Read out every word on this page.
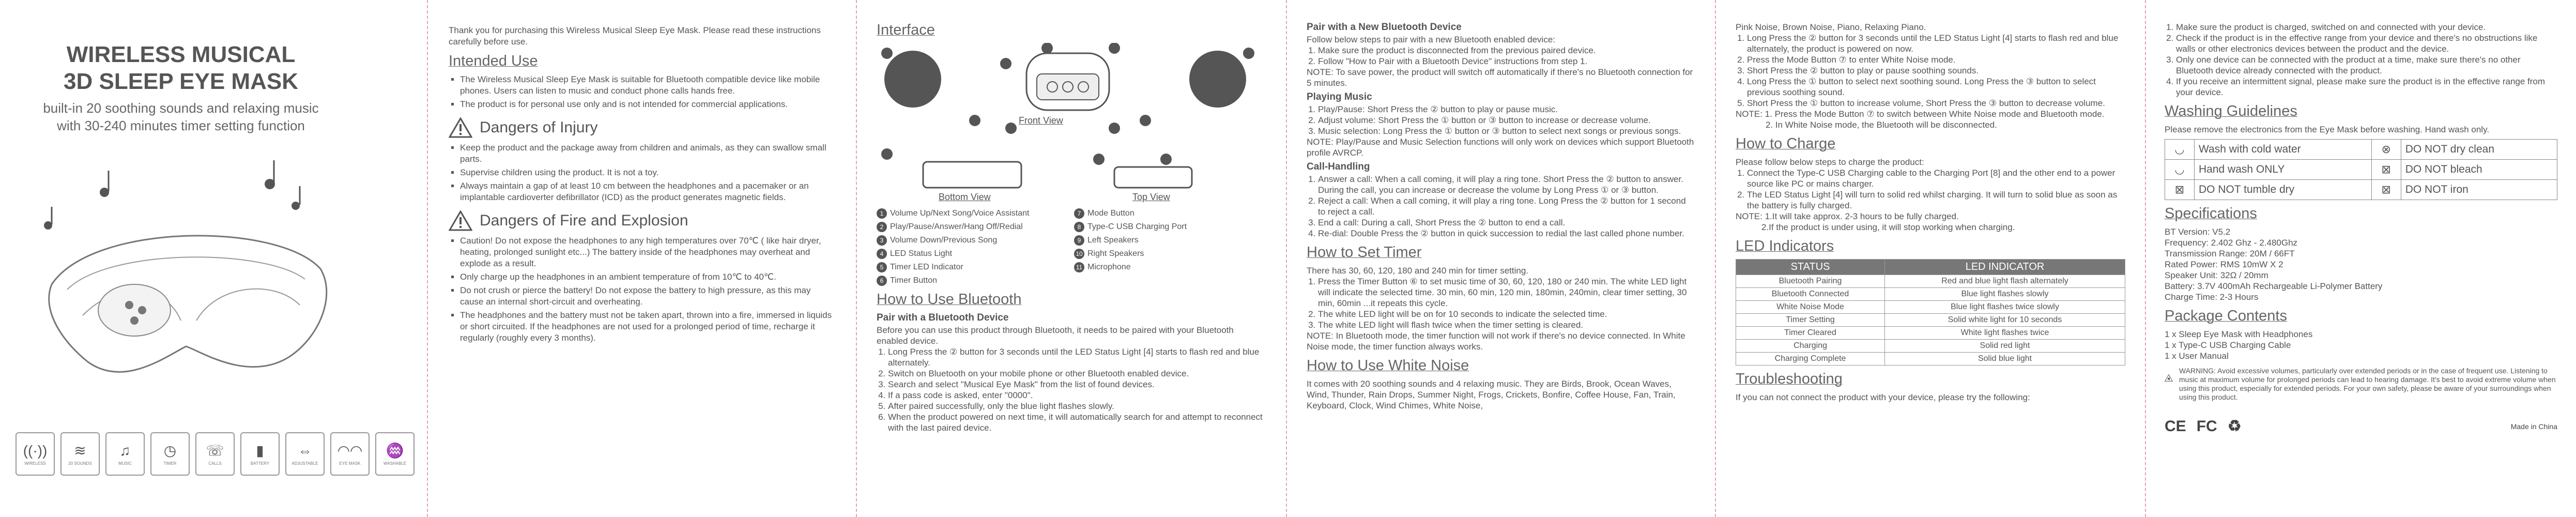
WIRELESS MUSICAL
3D SLEEP EYE MASK
built-in 20 soothing sounds and relaxing music
with 30-240 minutes timer setting function
((·))
WIRELESS
≋
20 SOUNDS
♫
MUSIC
◷
TIMER
☏
CALLS
▮
BATTERY
⇔
ADJUSTABLE
◠◠
EYE MASK
♒
WASHABLE

Thank you for purchasing this Wireless Musical Sleep Eye Mask. Please read these instructions carefully before use.

Intended Use
▪ The Wireless Musical Sleep Eye Mask is suitable for Bluetooth compatible device like mobile phones. Users can listen to music and conduct phone calls hands free.
▪ The product is for personal use only and is not intended for commercial applications.
Dangers of Injury
▪ Keep the product and the package away from children and animals, as they can swallow small parts.
▪ Supervise children using the product. It is not a toy.
▪ Always maintain a gap of at least 10 cm between the headphones and a pacemaker or an implantable cardioverter defibrillator (ICD) as the product generates magnetic fields.
Dangers of Fire and Explosion
▪ Caution! Do not expose the headphones to any high temperatures over 70℃ ( like hair dryer, heating, prolonged sunlight etc...) The battery inside of the headphones may overheat and explode as a result.
▪ Only charge up the headphones in an ambient temperature of from 10℃ to 40℃.
▪ Do not crush or pierce the battery! Do not expose the battery to high pressure, as this may cause an internal short-circuit and overheating.
▪ The headphones and the battery must not be taken apart, thrown into a fire, immersed in liquids or short circuited. If the headphones are not used for a prolonged period of time, recharge it regularly (roughly every 3 months).
Interface
Front View
Bottom View	Top View
1 Volume Up/Next Song/Voice Assistant	7 Mode Button
2 Play/Pause/Answer/Hang Off/Redial	8 Type-C USB Charging Port
3 Volume Down/Previous Song	9 Left Speakers
4 LED Status Light	10 Right Speakers
5 Timer LED Indicator	11 Microphone
6 Timer Button
How to Use Bluetooth
Pair with a Bluetooth Device

Before you can use this product through Bluetooth, it needs to be paired with your Bluetooth enabled device.

1. Long Press the ② button for 3 seconds until the LED Status Light [4] starts to flash red and blue alternately.
2. Switch on Bluetooth on your mobile phone or other Bluetooth enabled device.
3. Search and select "Musical Eye Mask" from the list of found devices.
4. If a pass code is asked, enter "0000".
5. After paired successfully, only the blue light flashes slowly.
6. When the product powered on next time, it will automatically search for and attempt to reconnect with the last paired device.
Pair with a New Bluetooth Device

Follow below steps to pair with a new Bluetooth enabled device:

1. Make sure the product is disconnected from the previous paired device.
2. Follow "How to Pair with a Bluetooth Device" instructions from step 1.

NOTE: To save power, the product will switch off automatically if there's no Bluetooth connection for 5 minutes.

Playing Music
1. Play/Pause: Short Press the ② button to play or pause music.
2. Adjust volume: Short Press the ① button or ③ button to increase or decrease volume.
3. Music selection: Long Press the ① button or ③ button to select next songs or previous songs.

NOTE: Play/Pause and Music Selection functions will only work on devices which support Bluetooth profile AVRCP.

Call-Handling
1. Answer a call: When a call coming, it will play a ring tone. Short Press the ② button to answer. During the call, you can increase or decrease the volume by Long Press ① or ③ button.
2. Reject a call: When a call coming, it will play a ring tone. Long Press the ② button for 1 second to reject a call.
3. End a call: During a call, Short Press the ② button to end a call.
4. Re-dial: Double Press the ② button in quick succession to redial the last called phone number.
How to Set Timer

There has 30, 60, 120, 180 and 240 min for timer setting.

1. Press the Timer Button ⑥ to set music time of 30, 60, 120, 180 or 240 min. The white LED light will indicate the selected time. 30 min, 60 min, 120 min, 180min, 240min, clear timer setting, 30 min, 60min ...it repeats this cycle.
2. The white LED light will be on for 10 seconds to indicate the selected time.
3. The white LED light will flash twice when the timer setting is cleared.

NOTE: In Bluetooth mode, the timer function will not work if there's no device connected. In White Noise mode, the timer function always works.

How to Use White Noise

It comes with 20 soothing sounds and 4 relaxing music. They are Birds, Brook, Ocean Waves, Wind, Thunder, Rain Drops, Summer Night, Frogs, Crickets, Bonfire, Coffee House, Fan, Train, Keyboard, Clock, Wind Chimes, White Noise,

Pink Noise, Brown Noise, Piano, Relaxing Piano.

1. Long Press the ② button for 3 seconds until the LED Status Light [4] starts to flash red and blue alternately, the product is powered on now.
2. Press the Mode Button ⑦ to enter White Noise mode.
3. Short Press the ② button to play or pause soothing sounds.
4. Long Press the ① button to select next soothing sound. Long Press the ③ button to select previous soothing sound.
5. Short Press the ① button to increase volume, Short Press the ③ button to decrease volume.

NOTE: 1. Press the Mode Button ⑦ to switch between White Noise mode and Bluetooth mode.

2. In White Noise mode, the Bluetooth will be disconnected.

How to Charge

Please follow below steps to charge the product:

1. Connect the Type-C USB Charging cable to the Charging Port [8] and the other end to a power source like PC or mains charger.
2. The LED Status Light [4] will turn to solid red whilst charging. It will turn to solid blue as soon as the battery is fully charged.

NOTE: 1.It will take approx. 2-3 hours to be fully charged.

2.If the product is under using, it will stop working when charging.

LED Indicators
STATUS	LED INDICATOR
Bluetooth Pairing	Red and blue light flash alternately
Bluetooth Connected	Blue light flashes slowly
White Noise Mode	Blue light flashes twice slowly
Timer Setting	Solid white light for 10 seconds
Timer Cleared	White light flashes twice
Charging	Solid red light
Charging Complete	Solid blue light
Troubleshooting

If you can not connect the product with your device, please try the following:

1. Make sure the product is charged, switched on and connected with your device.
2. Check if the product is in the effective range from your device and there's no obstructions like walls or other electronics devices between the product and the device.
3. Only one device can be connected with the product at a time, make sure there's no other Bluetooth device already connected with the product.
4. If you receive an intermittent signal, please make sure the product is in the effective range from your device.
Washing Guidelines

Please remove the electronics from the Eye Mask before washing. Hand wash only.

◡	Wash with cold water	⊗	DO NOT dry clean
◡	Hand wash ONLY	⊠	DO NOT bleach
⊠	DO NOT tumble dry	⊠	DO NOT iron
Specifications

BT Version: V5.2

Frequency: 2.402 Ghz - 2.480Ghz

Transmission Range: 20M / 66FT

Rated Power: RMS 10mW X 2

Speaker Unit: 32Ω / 20mm

Battery: 3.7V 400mAh Rechargeable Li-Polymer Battery

Charge Time: 2-3 Hours

Package Contents

1 x Sleep Eye Mask with Headphones

1 x Type-C USB Charging Cable

1 x User Manual

WARNING: Avoid excessive volumes, particularly over extended periods or in the case of frequent use. Listening to music at maximum volume for prolonged periods can lead to hearing damage. It's best to avoid extreme volume when using this product, especially for extended periods. For your own safety, please be aware of your surroundings when using this product.

CE FC ♻	Made in China
